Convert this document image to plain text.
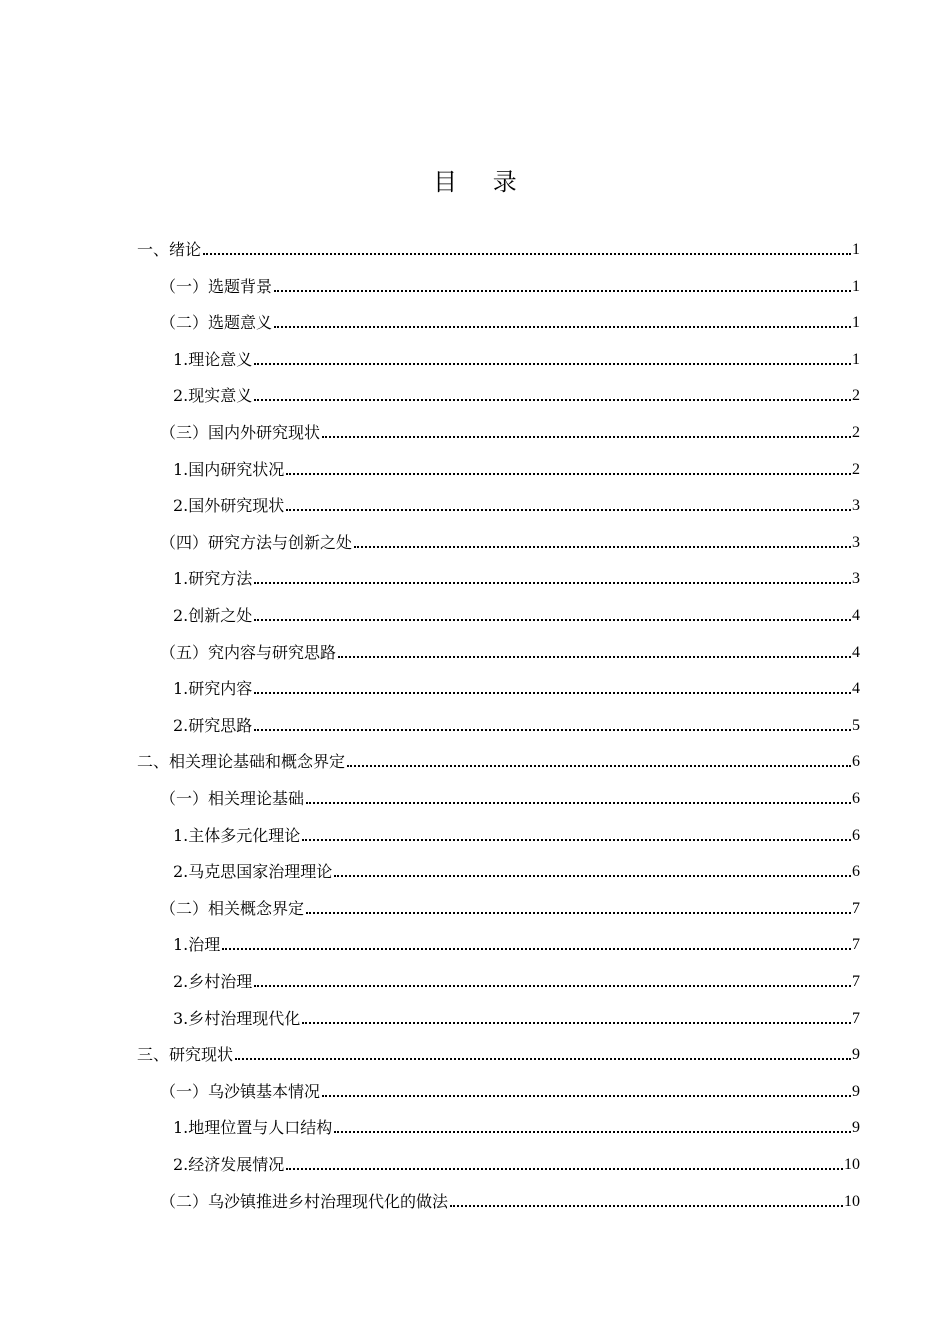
目 录
一、绪论	1
（一）选题背景	1
（二）选题意义	1
1.理论意义	1
2.现实意义	2
（三）国内外研究现状	2
1.国内研究状况	2
2.国外研究现状	3
（四）研究方法与创新之处	3
1.研究方法	3
2.创新之处	4
（五）究内容与研究思路	4
1.研究内容	4
2.研究思路	5
二、相关理论基础和概念界定	6
（一）相关理论基础	6
1.主体多元化理论	6
2.马克思国家治理理论	6
（二）相关概念界定	7
1.治理	7
2.乡村治理	7
3.乡村治理现代化	7
三、研究现状	9
（一）乌沙镇基本情况	9
1.地理位置与人口结构	9
2.经济发展情况	10
（二）乌沙镇推进乡村治理现代化的做法	10
